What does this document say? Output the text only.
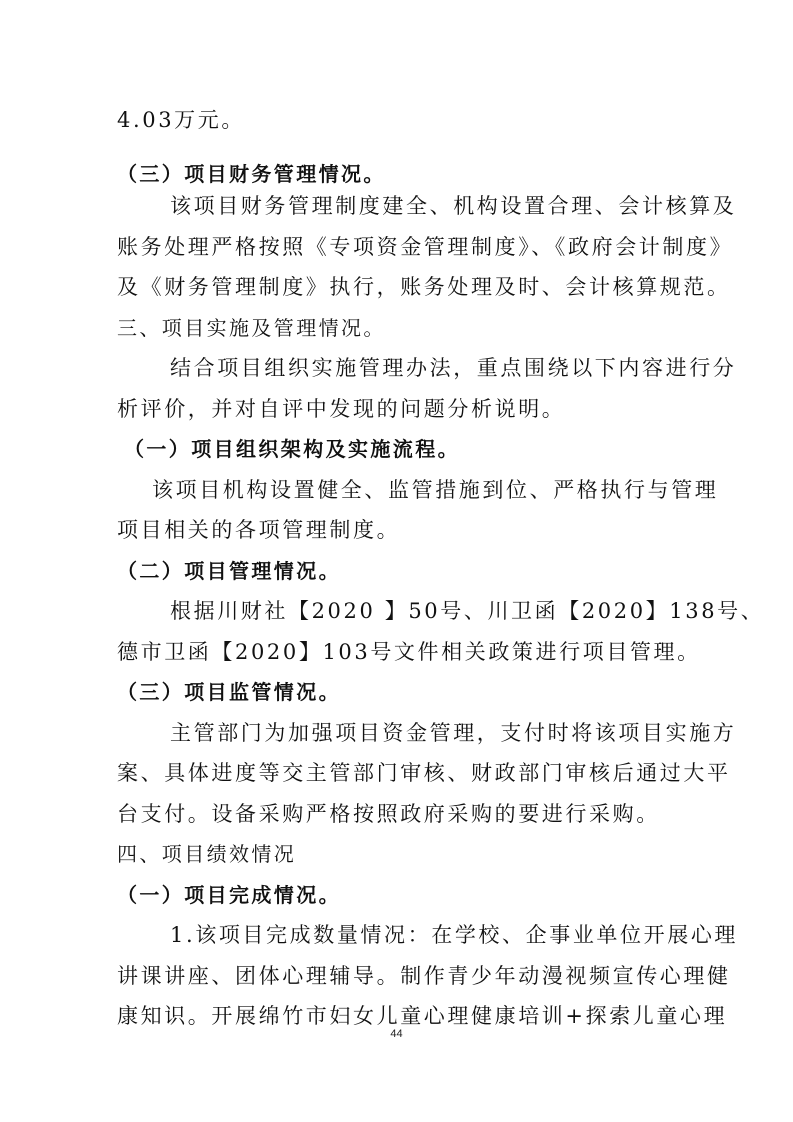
4.03万元。
（三）项目财务管理情况。
该项目财务管理制度建全、机构设置合理、会计核算及
账务处理严格按照《专项资金管理制度》、《政府会计制度》
及《财务管理制度》执行，账务处理及时、会计核算规范。
三、项目实施及管理情况。
结合项目组织实施管理办法，重点围绕以下内容进行分
析评价，并对自评中发现的问题分析说明。
（一）项目组织架构及实施流程。
该项目机构设置健全、监管措施到位、严格执行与管理
项目相关的各项管理制度。
（二）项目管理情况。
根据川财社【2020 】50号、川卫函【2020】138号、
德市卫函【2020】103号文件相关政策进行项目管理。
（三）项目监管情况。
主管部门为加强项目资金管理，支付时将该项目实施方
案、具体进度等交主管部门审核、财政部门审核后通过大平
台支付。设备采购严格按照政府采购的要进行采购。
四、项目绩效情况
（一）项目完成情况。
1.该项目完成数量情况：在学校、企事业单位开展心理
讲课讲座、团体心理辅导。制作青少年动漫视频宣传心理健
康知识。开展绵竹市妇女儿童心理健康培训+探索儿童心理
44
